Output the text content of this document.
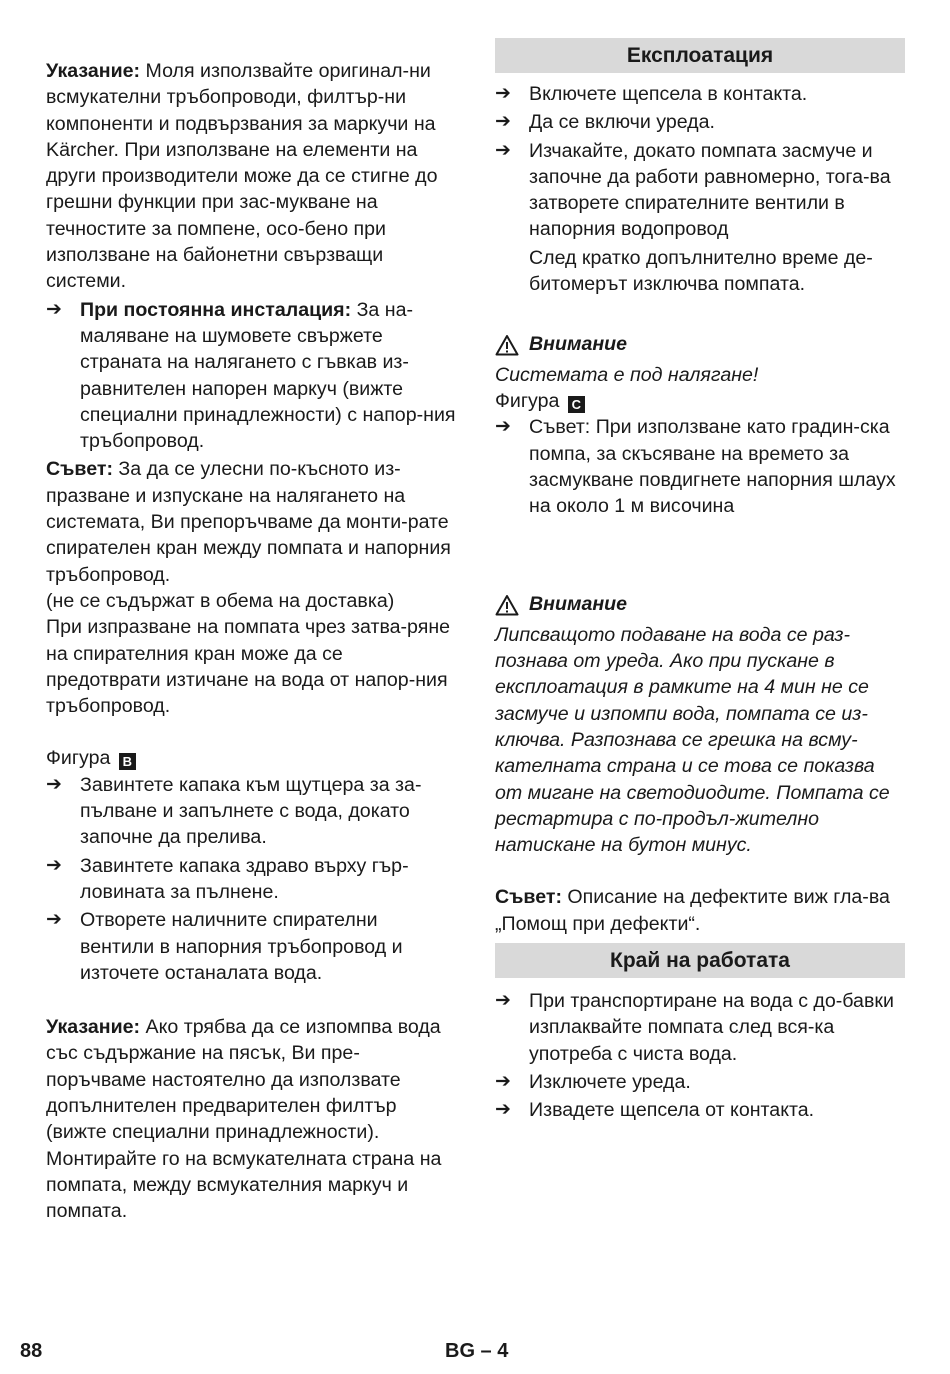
Указание: Моля използвайте оригинал-ни всмукателни тръбопроводи, филтър-ни компоненти и подвързвания за маркучи на Kärcher. При използване на елементи на други производители може да се стигне до грешни функции при зас-мукване на течностите за помпене, осо-бено при използване на байонетни свързващи системи.

➔ При постоянна инсталация: За на-маляване на шумовете свържете страната на налягането с гъвкав из-равнителен напорен маркуч (вижте специални принадлежности) с напор-ния тръбопровод.

Съвет: За да се улесни по-късното из-празване и изпускане на налягането на системата, Ви препоръчваме да монти-рате спирателен кран между помпата и напорния тръбопровод.

(не се съдържат в обема на доставка)

При изпразване на помпата чрез затва-ряне на спирателния кран може да се предотврати изтичане на вода от напор-ния тръбопровод.

Фигура B

➔ Завинтете капака към щутцера за за-пълване и запълнете с вода, докато започне да прелива.
➔ Завинтете капака здраво върху гър-ловината за пълнене.
➔ Отворете наличните спирателни вентили в напорния тръбопровод и източете останалата вода.

Указание: Ако трябва да се изпомпва вода със съдържание на пясък, Ви пре-поръчваме настоятелно да използвате допълнителен предварителен филтър (вижте специални принадлежности). Монтирайте го на всмукателната страна на помпата, между всмукателния маркуч и помпата.

Експлоатация
➔ Включете щепсела в контакта.
➔ Да се включи уреда.
➔ Изчакайте, докато помпата засмуче и започне да работи равномерно, тога-ва затворете спирателните вентили в напорния водопровод

След кратко допълнително време де-битомерът изключва помпата.

Внимание

Системата е под налягане!

Фигура C

➔ Съвет: При използване като градин-ска помпа, за скъсяване на времето за засмукване повдигнете напорния шлаух на около 1 м височина
Внимание

Липсващото подаване на вода се раз-познава от уреда. Ако при пускане в експлоатация в рамките на 4 мин не се засмуче и изпомпи вода, помпата се из-ключва. Разпознава се грешка на всму-кателната страна и се това се показва от мигане на светодиодите. Помпата се рестартира с по-продъл-жително натискане на бутон минус.

Съвет: Описание на дефектите виж гла-ва „Помощ при дефекти“.

Край на работата
➔ При транспортиране на вода с до-бавки изплаквайте помпата след вся-ка употреба с чиста вода.
➔ Изключете уреда.
➔ Извадете щепсела от контакта.
88	BG – 4
